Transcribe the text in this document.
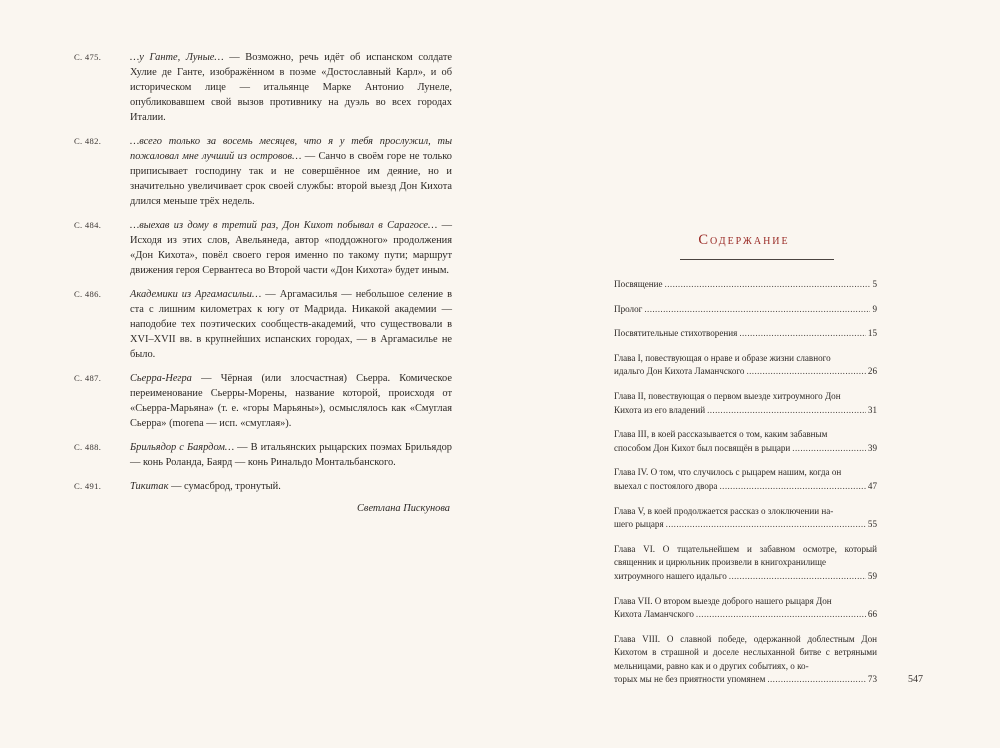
С. 475.	…у Ганте, Луные… — Возможно, речь идёт об испанском солдате Хулие де Ганте, изображённом в поэме «Достославный Карл», и об историческом лице — итальянце Марке Антонио Лунеле, опубликовавшем свой вызов противнику на дуэль во всех городах Италии.
С. 482.	…всего только за восемь месяцев, что я у тебя прослужил, ты пожаловал мне лучший из островов… — Санчо в своём горе не только приписывает господину так и не совершённое им деяние, но и значительно увеличивает срок своей службы: второй выезд Дон Кихота длился меньше трёх недель.
С. 484.	…выехав из дому в третий раз, Дон Кихот побывал в Сарагосе… — Исходя из этих слов, Авельянеда, автор «поддожного» продолжения «Дон Кихота», повёл своего героя именно по такому пути; маршрут движения героя Сервантеса во Второй части «Дон Кихота» будет иным.
С. 486.	Академики из Аргамасильи… — Аргамасилья — небольшое селение в ста с лишним километрах к югу от Мадрида. Никакой академии — наподобие тех поэтических сообществ-академий, что существовали в XVI–XVII вв. в крупнейших испанских городах, — в Аргамасилье не было.
С. 487.	Сьерра-Негра — Чёрная (или злосчастная) Сьерра. Комическое переименование Сьерры-Морены, название которой, происходя от «Сьерра-Марьяна» (т. е. «горы Марьяны»), осмыслялось как «Смуглая Сьерра» (morena — исп. «смуглая»).
С. 488.	Брильядор с Баярдом… — В итальянских рыцарских поэмах Брильядор — конь Роланда, Баярд — конь Ринальдо Монтальбанского.
С. 491.	Тикитак — сумасброд, тронутый.
Светлана Пискунова
Содержание
Посвящение .....	5
Пролог .....	9
Посвятительные стихотворения .....	15
Глава I, повествующая о нраве и образе жизни славного
идальго Дон Кихота Ламанчского .....	26
Глава II, повествующая о первом выезде хитроумного Дон
Кихота из его владений .....	31
Глава III, в коей рассказывается о том, каким забавным
способом Дон Кихот был посвящён в рыцари .....	39
Глава IV. О том, что случилось с рыцарем нашим, когда он
выехал с постоялого двора .....	47
Глава V, в коей продолжается рассказ о злоключении на-
шего рыцаря .....	55
Глава VI. О тщательнейшем и забавном осмотре, который священник и цирюльник произвели в книгохранилище
хитроумного нашего идальго .....	59
Глава VII. О втором выезде доброго нашего рыцаря Дон
Кихота Ламанчского .....	66
Глава VIII. О славной победе, одержанной доблестным Дон Кихотом в страшной и доселе неслыханной битве с ветряными мельницами, равно как и о других событиях, о ко-
торых мы не без приятности упомянем .....	73	547
